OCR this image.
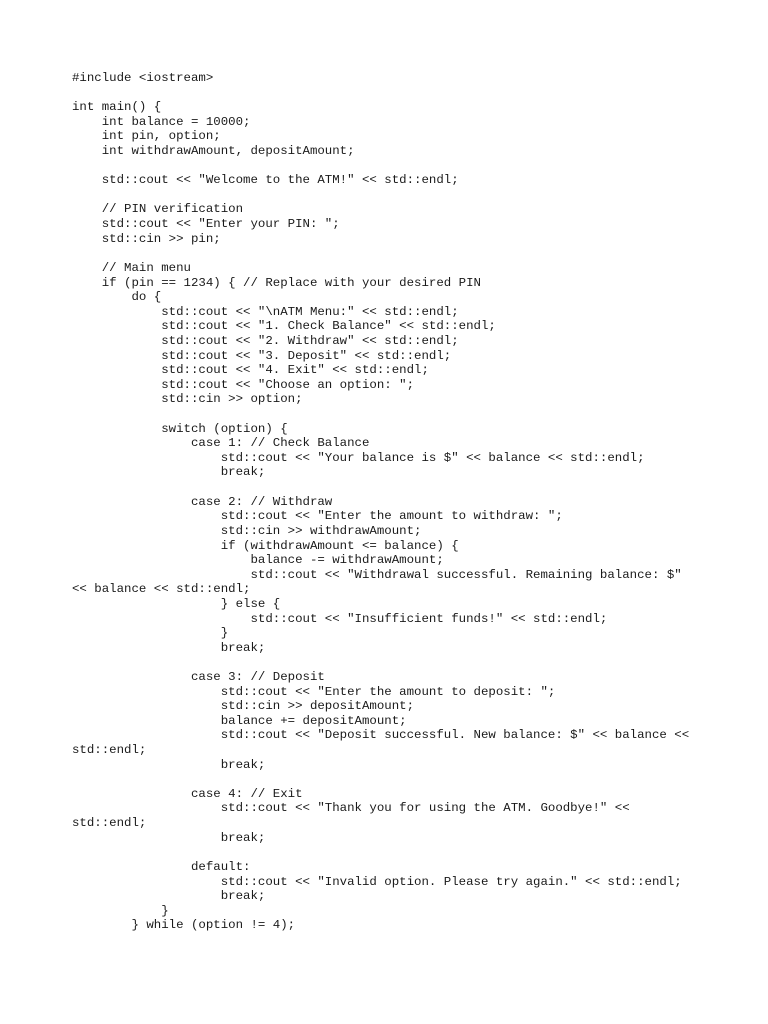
#include <iostream>
int main() {
int balance = 10000;
int pin, option;
int withdrawAmount, depositAmount;
std::cout << "Welcome to the ATM!" << std::endl;
// PIN verification
std::cout << "Enter your PIN: ";
std::cin >> pin;
// Main menu
if (pin == 1234) { // Replace with your desired PIN
do {
std::cout << "\nATM Menu:" << std::endl;
std::cout << "1. Check Balance" << std::endl;
std::cout << "2. Withdraw" << std::endl;
std::cout << "3. Deposit" << std::endl;
std::cout << "4. Exit" << std::endl;
std::cout << "Choose an option: ";
std::cin >> option;
switch (option) {
case 1: // Check Balance
std::cout << "Your balance is $" << balance << std::endl;
break;
case 2: // Withdraw
std::cout << "Enter the amount to withdraw: ";
std::cin >> withdrawAmount;
if (withdrawAmount <= balance) {
balance -= withdrawAmount;
std::cout << "Withdrawal successful. Remaining balance: $"
<< balance << std::endl;
} else {
std::cout << "Insufficient funds!" << std::endl;
}
break;
case 3: // Deposit
std::cout << "Enter the amount to deposit: ";
std::cin >> depositAmount;
balance += depositAmount;
std::cout << "Deposit successful. New balance: $" << balance <<
std::endl;
break;
case 4: // Exit
std::cout << "Thank you for using the ATM. Goodbye!" <<
std::endl;
break;
default:
std::cout << "Invalid option. Please try again." << std::endl;
break;
}
} while (option != 4);
